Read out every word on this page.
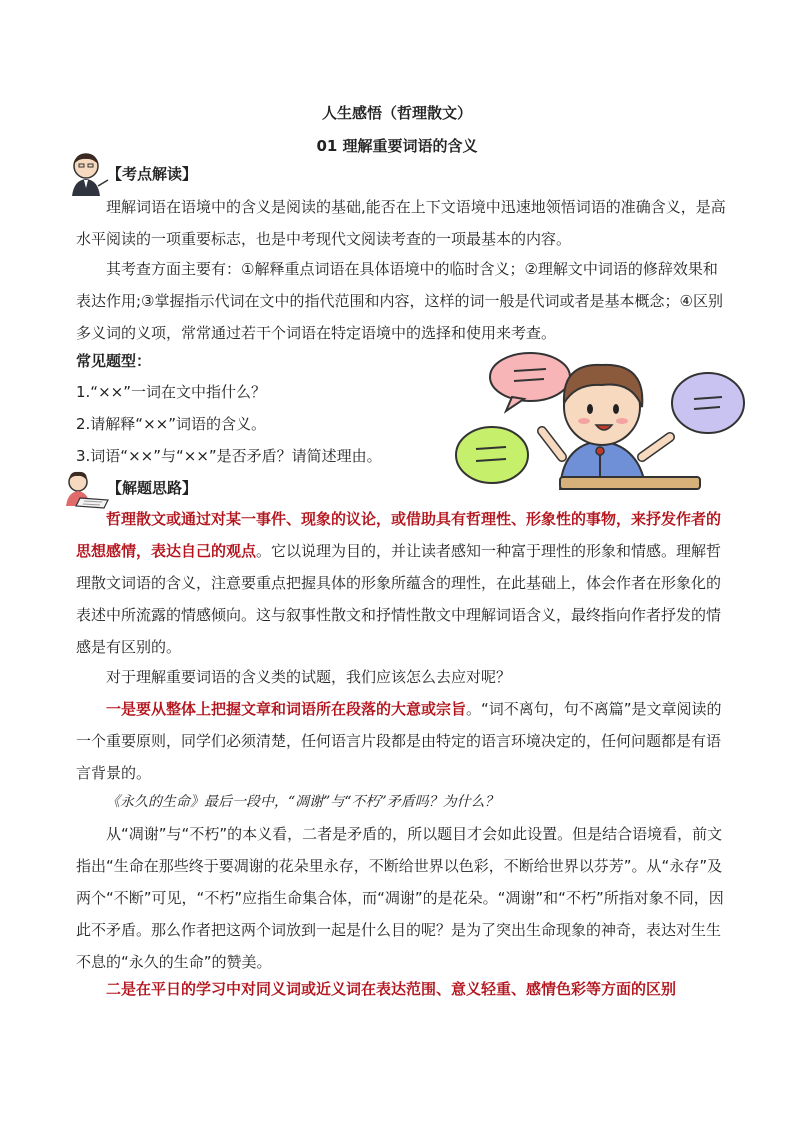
人生感悟（哲理散文）
01 理解重要词语的含义
【考点解读】

理解词语在语境中的含义是阅读的基础,能否在上下文语境中迅速地领悟词语的准确含义，是高水平阅读的一项重要标志，也是中考现代文阅读考查的一项最基本的内容。

其考查方面主要有：①解释重点词语在具体语境中的临时含义；②理解文中词语的修辞效果和表达作用;③掌握指示代词在文中的指代范围和内容，这样的词一般是代词或者是基本概念；④区别多义词的义项，常常通过若干个词语在特定语境中的选择和使用来考查。

常见题型：
1.“××”一词在文中指什么？
2.请解释“××”词语的含义。
3.词语“××”与“××”是否矛盾？请简述理由。
【解题思路】

哲理散文或通过对某一事件、现象的议论，或借助具有哲理性、形象性的事物，来抒发作者的思想感情，表达自己的观点。它以说理为目的，并让读者感知一种富于理性的形象和情感。理解哲理散文词语的含义，注意要重点把握具体的形象所蕴含的理性，在此基础上，体会作者在形象化的表述中所流露的情感倾向。这与叙事性散文和抒情性散文中理解词语含义，最终指向作者抒发的情感是有区别的。

对于理解重要词语的含义类的试题，我们应该怎么去应对呢？

一是要从整体上把握文章和词语所在段落的大意或宗旨。“词不离句，句不离篇”是文章阅读的一个重要原则，同学们必须清楚，任何语言片段都是由特定的语言环境决定的，任何问题都是有语言背景的。

《永久的生命》最后一段中，“凋谢”与“不朽”矛盾吗？为什么？

从“凋谢”与“不朽”的本义看，二者是矛盾的，所以题目才会如此设置。但是结合语境看，前文指出“生命在那些终于要凋谢的花朵里永存，不断给世界以色彩，不断给世界以芬芳”。从“永存”及两个“不断”可见，“不朽”应指生命集合体，而“凋谢”的是花朵。“凋谢”和“不朽”所指对象不同，因此不矛盾。那么作者把这两个词放到一起是什么目的呢？是为了突出生命现象的神奇，表达对生生不息的“永久的生命”的赞美。

二是在平日的学习中对同义词或近义词在表达范围、意义轻重、感情色彩等方面的区别
